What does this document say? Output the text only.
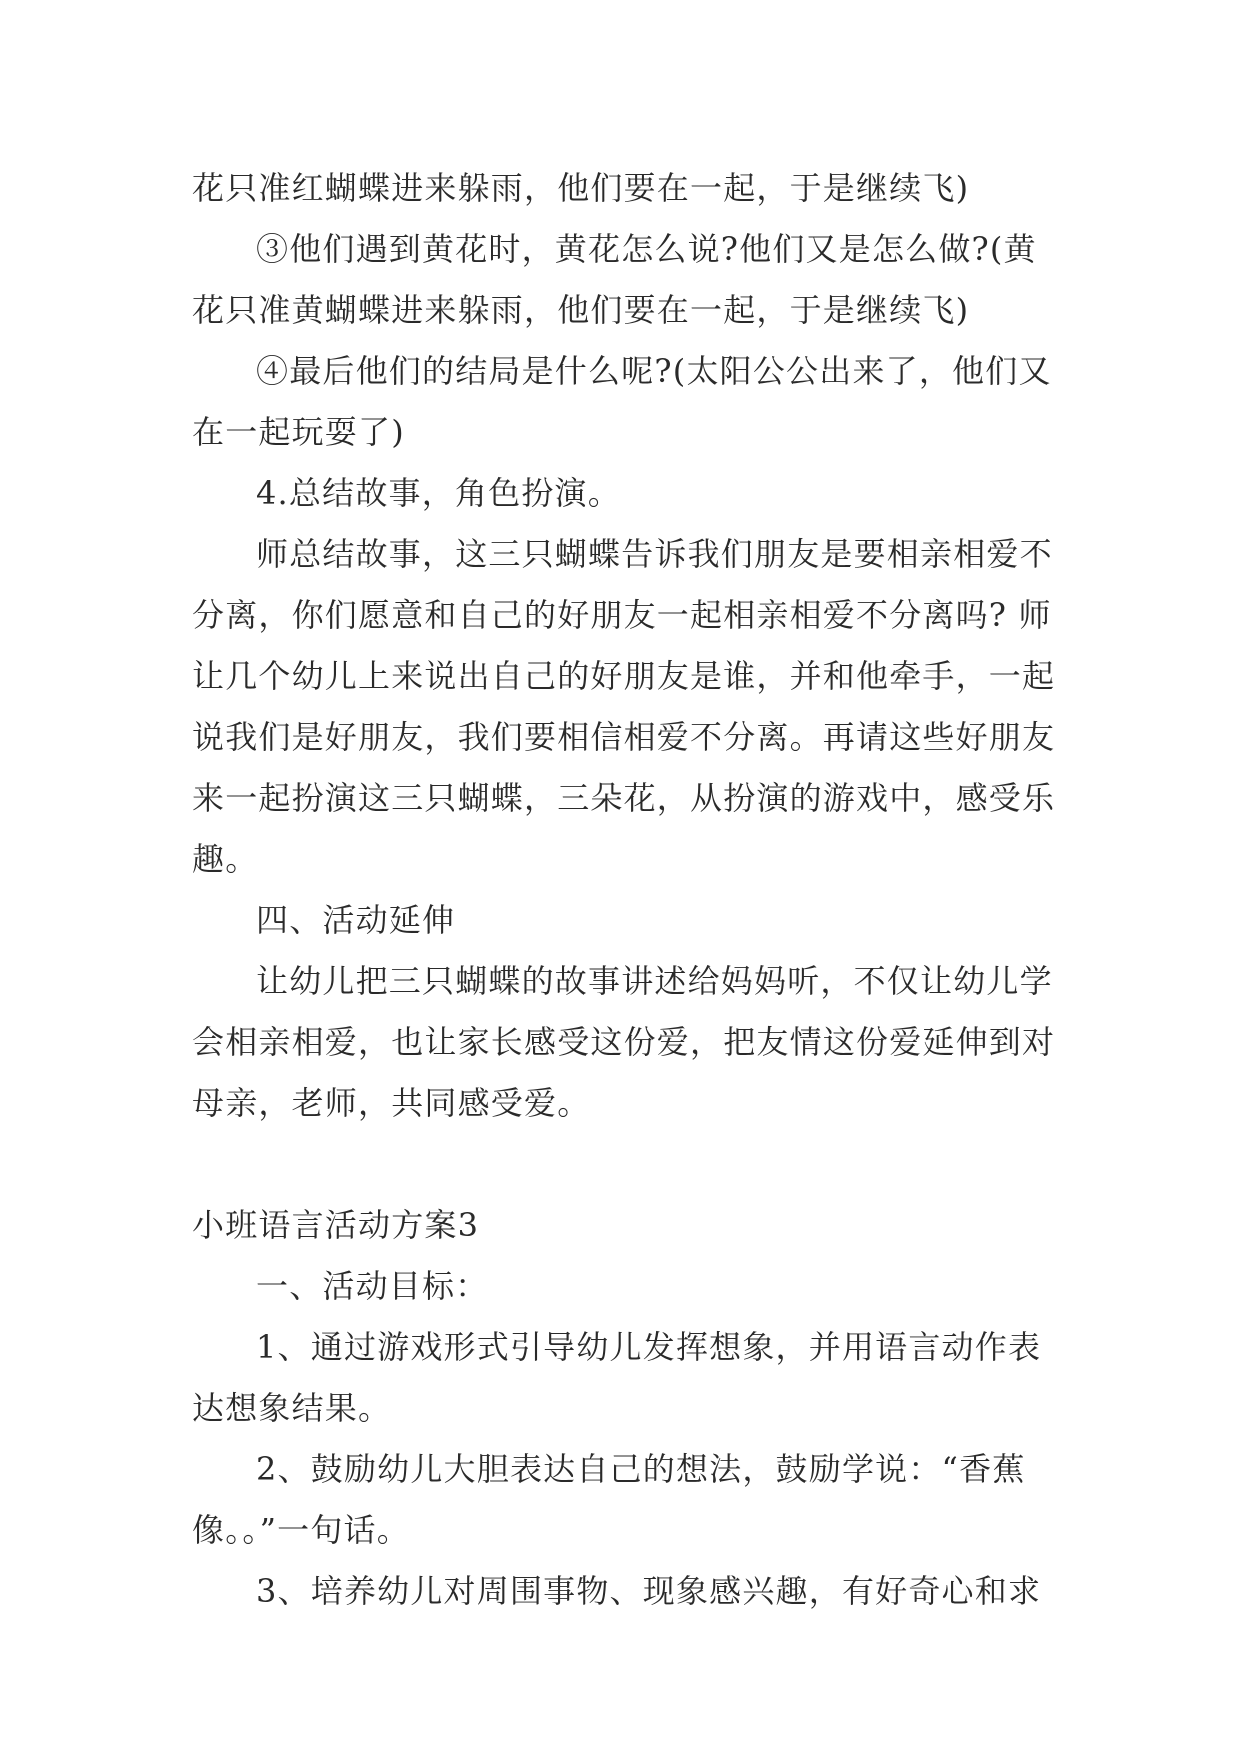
花只准红蝴蝶进来躲雨，他们要在一起，于是继续飞)

③他们遇到黄花时，黄花怎么说?他们又是怎么做?(黄

花只准黄蝴蝶进来躲雨，他们要在一起，于是继续飞)

④最后他们的结局是什么呢?(太阳公公出来了，他们又

在一起玩耍了)

4.总结故事，角色扮演。

师总结故事，这三只蝴蝶告诉我们朋友是要相亲相爱不

分离，你们愿意和自己的好朋友一起相亲相爱不分离吗? 师

让几个幼儿上来说出自己的好朋友是谁，并和他牵手，一起

说我们是好朋友，我们要相信相爱不分离。再请这些好朋友

来一起扮演这三只蝴蝶，三朵花，从扮演的游戏中，感受乐

趣。

四、活动延伸

让幼儿把三只蝴蝶的故事讲述给妈妈听，不仅让幼儿学

会相亲相爱，也让家长感受这份爱，把友情这份爱延伸到对

母亲，老师，共同感受爱。

小班语言活动方案3

一、活动目标：

1、通过游戏形式引导幼儿发挥想象，并用语言动作表

达想象结果。

2、鼓励幼儿大胆表达自己的想法，鼓励学说：“香蕉

像。。”一句话。

3、培养幼儿对周围事物、现象感兴趣，有好奇心和求
